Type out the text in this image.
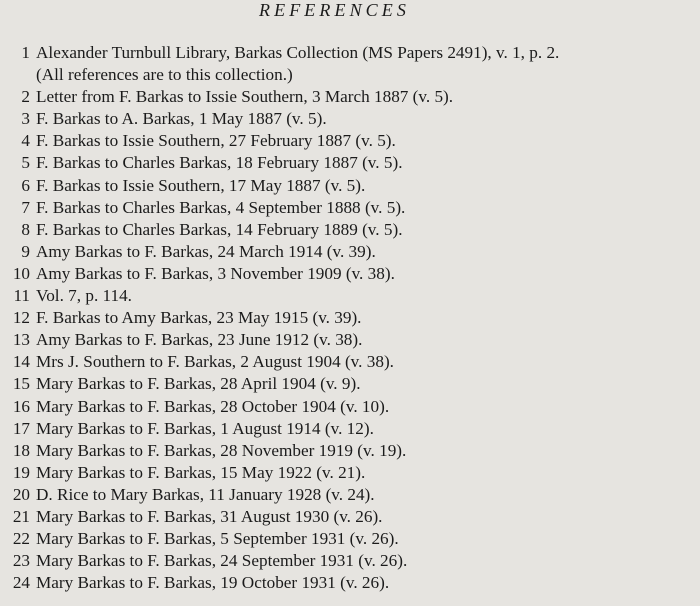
REFERENCES
1 Alexander Turnbull Library, Barkas Collection (MS Papers 2491), v. 1, p. 2.
(All references are to this collection.)
2 Letter from F. Barkas to Issie Southern, 3 March 1887 (v. 5).
3 F. Barkas to A. Barkas, 1 May 1887 (v. 5).
4 F. Barkas to Issie Southern, 27 February 1887 (v. 5).
5 F. Barkas to Charles Barkas, 18 February 1887 (v. 5).
6 F. Barkas to Issie Southern, 17 May 1887 (v. 5).
7 F. Barkas to Charles Barkas, 4 September 1888 (v. 5).
8 F. Barkas to Charles Barkas, 14 February 1889 (v. 5).
9 Amy Barkas to F. Barkas, 24 March 1914 (v. 39).
10 Amy Barkas to F. Barkas, 3 November 1909 (v. 38).
11 Vol. 7, p. 114.
12 F. Barkas to Amy Barkas, 23 May 1915 (v. 39).
13 Amy Barkas to F. Barkas, 23 June 1912 (v. 38).
14 Mrs J. Southern to F. Barkas, 2 August 1904 (v. 38).
15 Mary Barkas to F. Barkas, 28 April 1904 (v. 9).
16 Mary Barkas to F. Barkas, 28 October 1904 (v. 10).
17 Mary Barkas to F. Barkas, 1 August 1914 (v. 12).
18 Mary Barkas to F. Barkas, 28 November 1919 (v. 19).
19 Mary Barkas to F. Barkas, 15 May 1922 (v. 21).
20 D. Rice to Mary Barkas, 11 January 1928 (v. 24).
21 Mary Barkas to F. Barkas, 31 August 1930 (v. 26).
22 Mary Barkas to F. Barkas, 5 September 1931 (v. 26).
23 Mary Barkas to F. Barkas, 24 September 1931 (v. 26).
24 Mary Barkas to F. Barkas, 19 October 1931 (v. 26).
